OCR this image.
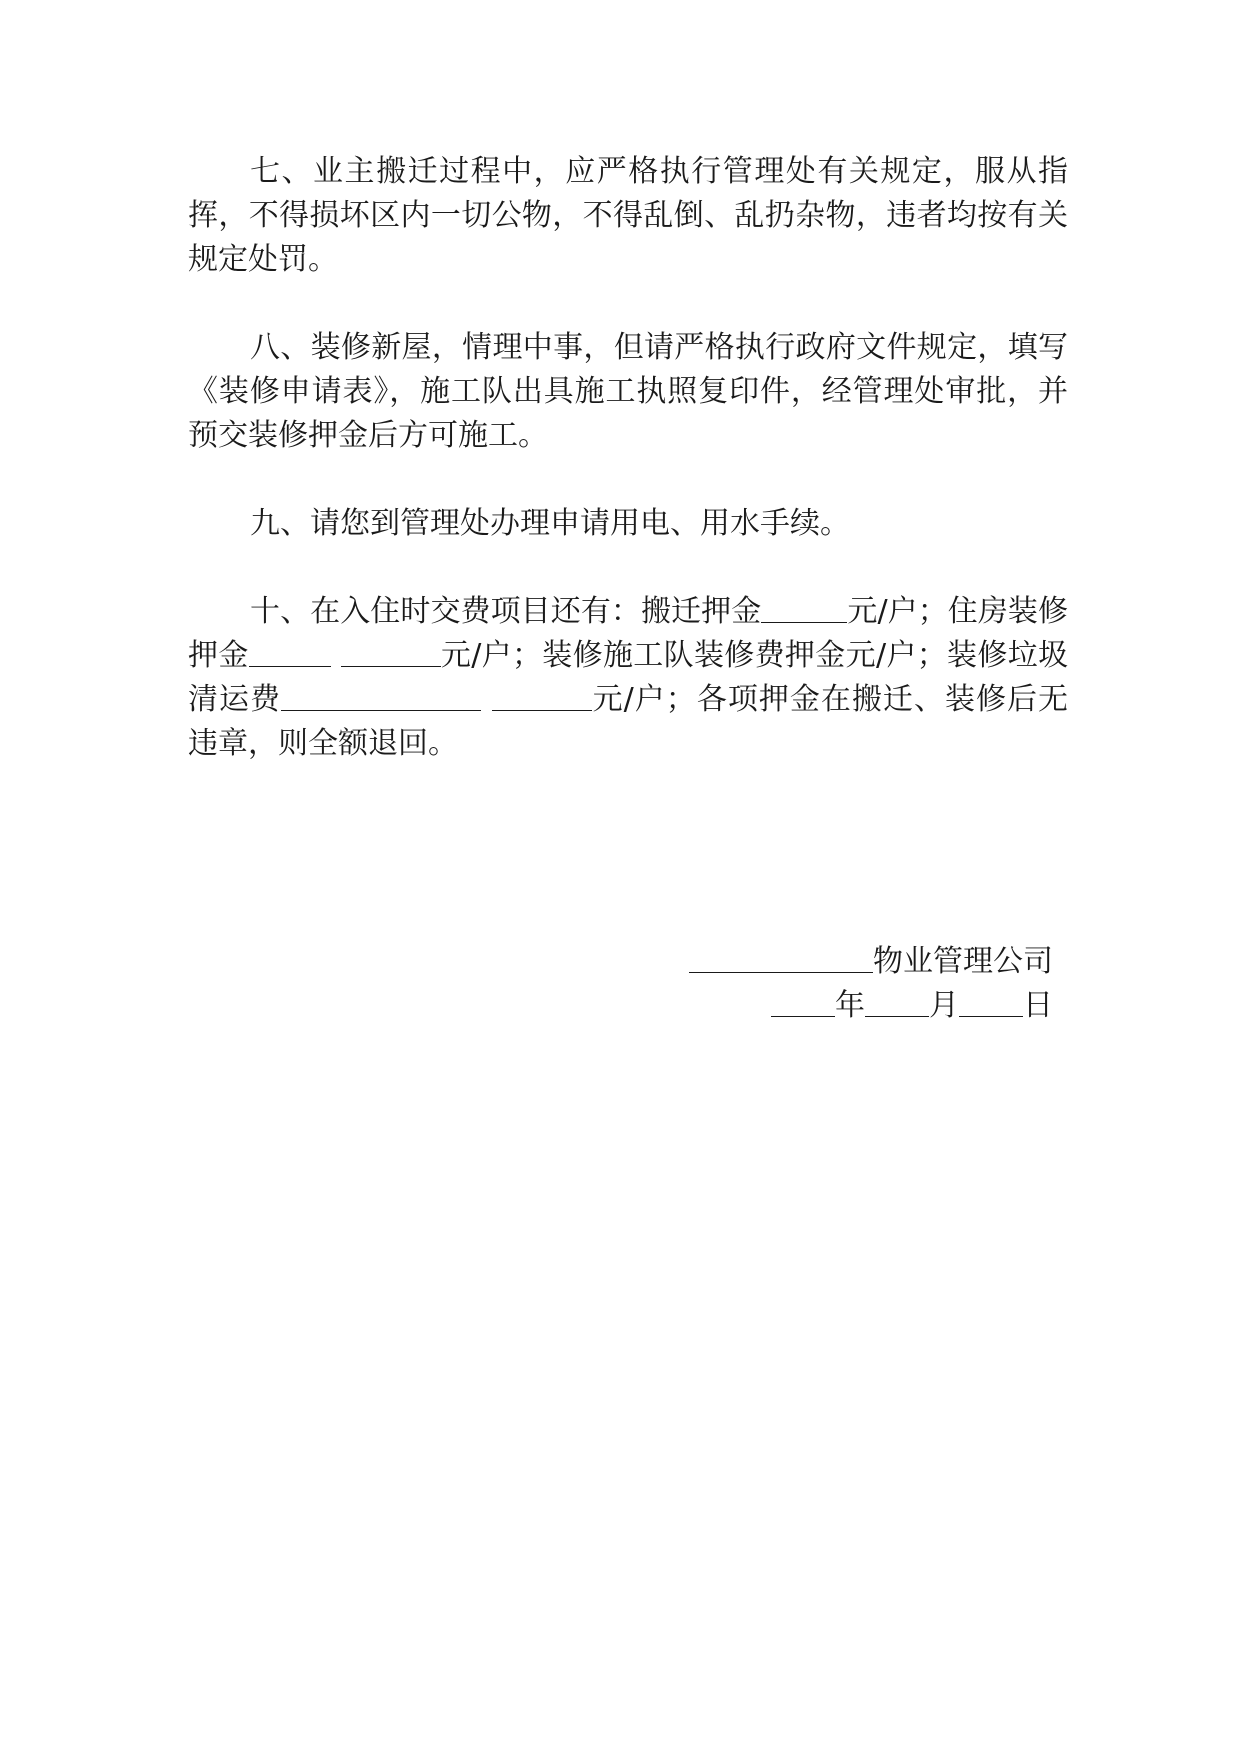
七、业主搬迁过程中，应严格执行管理处有关规定，服从指挥，不得损坏区内一切公物，不得乱倒、乱扔杂物，违者均按有关规定处罚。

八、装修新屋，情理中事，但请严格执行政府文件规定，填写《装修申请表》，施工队出具施工执照复印件，经管理处审批，并预交装修押金后方可施工。

九、请您到管理处办理申请用电、用水手续。

十、在入住时交费项目还有：搬迁押金	元/户；住房装修押金	元/户；装修施工队装修费押金元/户；装修垃圾清运费	元/户；各项押金在搬迁、装修后无违章，则全额退回。

物业管理公司
年 月 日
